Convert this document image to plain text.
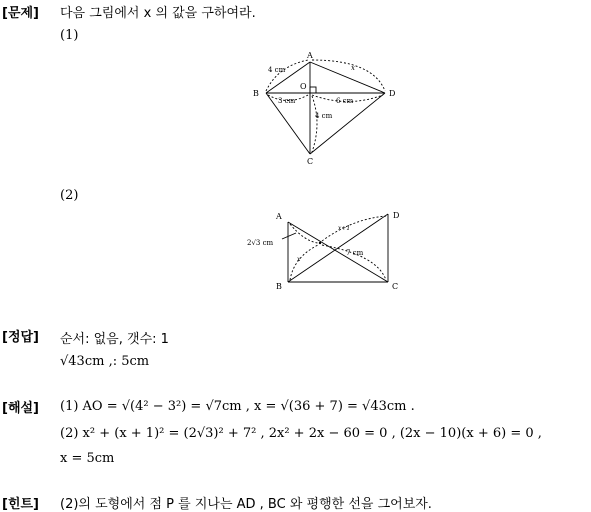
[문제] 다음 그림에서 x 의 값을 구하여라.
(1)
A
B
C
D
O
4 cm	x
3 cm	6 cm
4 cm
(2)
A
B	C
D
2√3 cm
x+1
x
7 cm
[정답] 순서: 없음, 갯수: 1
√43cm ,: 5cm
[해설] (1) AO = √(4² − 3²) = √7cm , x = √(36 + 7) = √43cm .
(2) x² + (x + 1)² = (2√3)² + 7² , 2x² + 2x − 60 = 0 , (2x − 10)(x + 6) = 0 ,
x = 5cm
[힌트] (2)의 도형에서 점 P 를 지나는 AD , BC 와 평행한 선을 그어보자.
